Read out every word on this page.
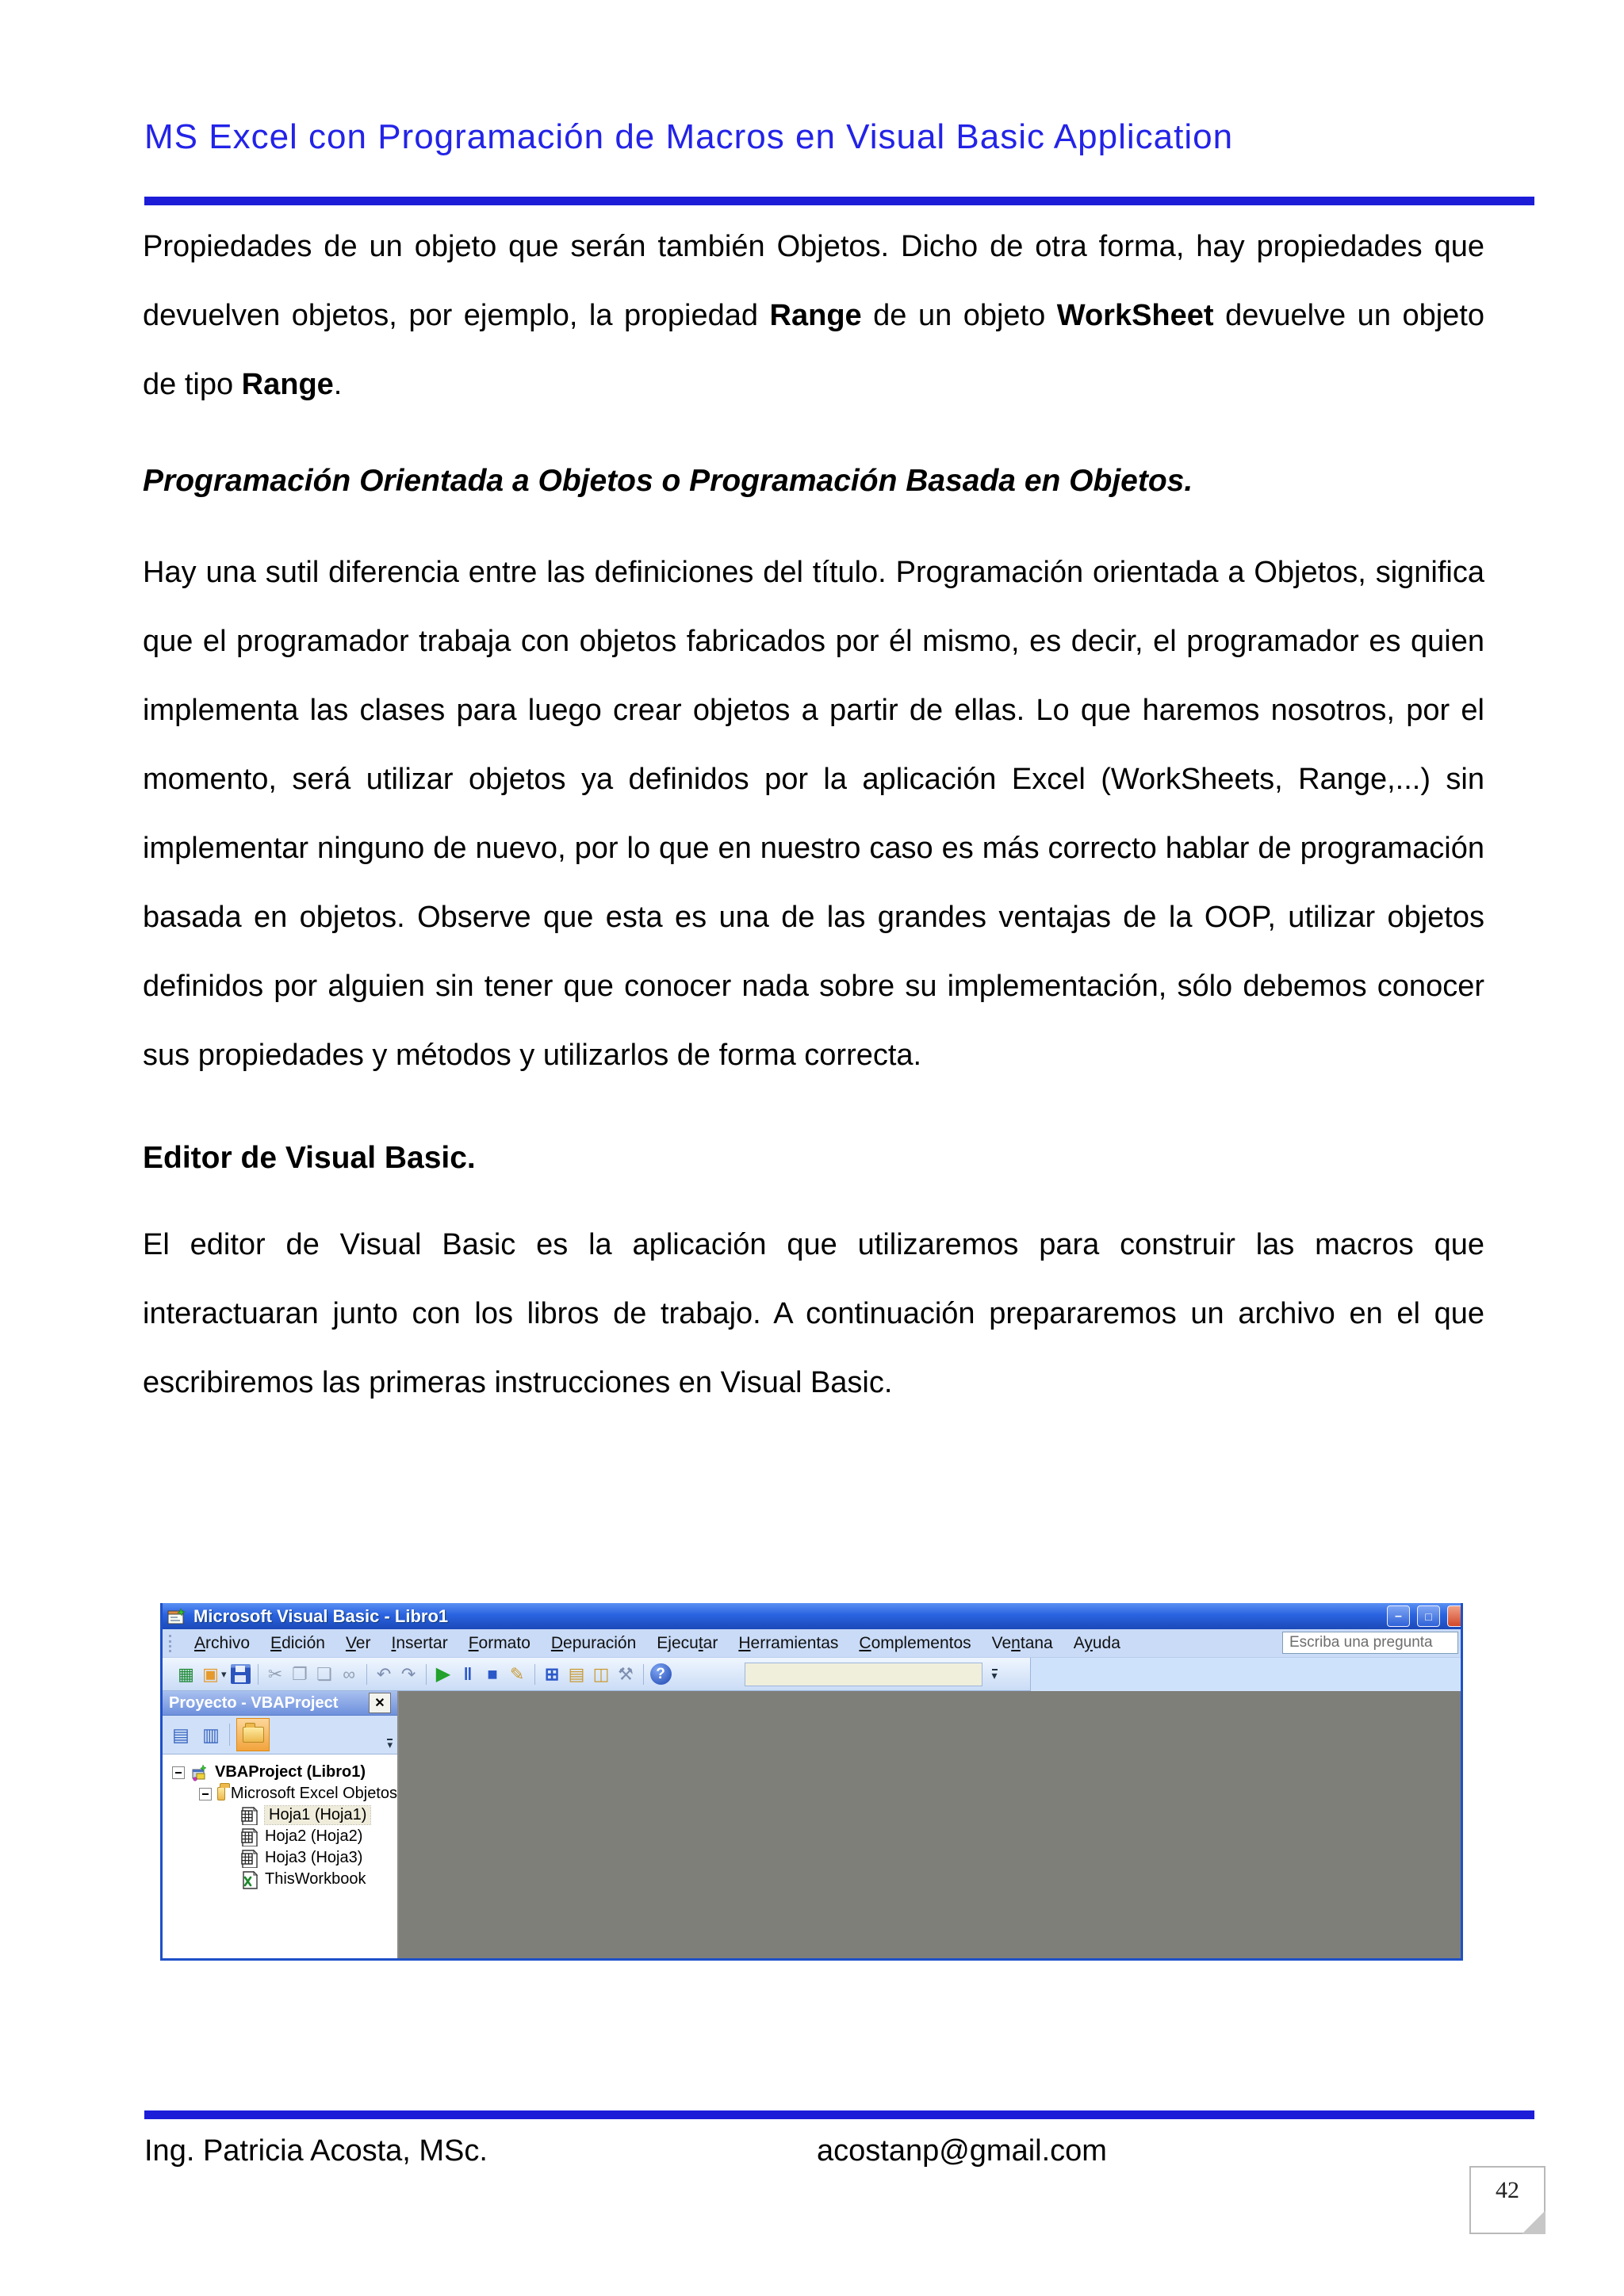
MS Excel con Programación de Macros en Visual Basic Application

Propiedades de un objeto que serán también Objetos. Dicho de otra forma, hay propiedades que devuelven objetos, por ejemplo, la propiedad Range de un objeto WorkSheet devuelve un objeto de tipo Range.

Programación Orientada a Objetos o Programación Basada en Objetos.

Hay una sutil diferencia entre las definiciones del título. Programación orientada a Objetos, significa que el programador trabaja con objetos fabricados por él mismo, es decir, el programador es quien implementa las clases para luego crear objetos a partir de ellas. Lo que haremos nosotros, por el momento, será utilizar objetos ya definidos por la aplicación Excel (WorkSheets, Range,...) sin implementar ninguno de nuevo, por lo que en nuestro caso es más correcto hablar de programación basada en objetos. Observe que esta es una de las grandes ventajas de la OOP, utilizar objetos definidos por alguien sin tener que conocer nada sobre su implementación, sólo debemos conocer sus propiedades y métodos y utilizarlos de forma correcta.

Editor de Visual Basic.

El editor de Visual Basic es la aplicación que utilizaremos para construir las macros que interactuaran junto con los libros de trabajo. A continuación prepararemos un archivo en el que escribiremos las primeras instrucciones en Visual Basic.

Microsoft Visual Basic - Libro1	–	□
Archivo	Edición	Ver	Insertar	Formato	Depuración	Ejecutar	Herramientas	Complementos	Ventana	Ayuda
Escriba una pregunta
▦ ▣ ▾ ✂ ❐ ❏ ∞	↶ ↷ ▶ ‖ ■ ✎ ⊞ ▤ ◫ ⚒	?	▾
Proyecto - VBAProject	✕
▤ ▥	▾
VBAProject (Libro1)
Microsoft Excel Objetos
Hoja1 (Hoja1)
Hoja2 (Hoja2)
Hoja3 (Hoja3)
ThisWorkbook
Ing. Patricia Acosta, MSc.	acostanp@gmail.com
42
